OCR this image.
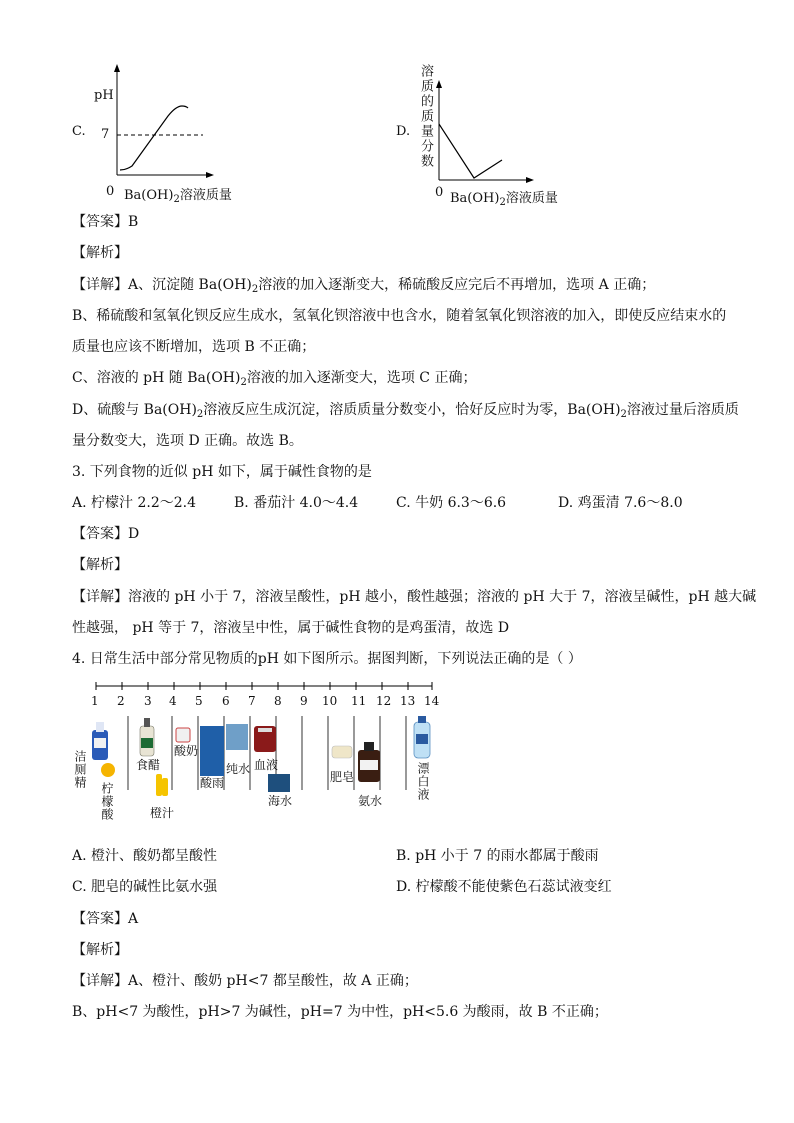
C.
pH
7
0 $Ba(OH)_2$溶液质量
D. 溶质的质量分数
0 $Ba(OH)_2$溶液质量
【答案】B
【解析】
【详解】A、沉淀随 $Ba(OH)_2$溶液的加入逐渐变大，稀硫酸反应完后不再增加，选项 A 正确；
B、稀硫酸和氢氧化钡反应生成水，氢氧化钡溶液中也含水，随着氢氧化钡溶液的加入，即使反应结束水的
质量也应该不断增加，选项 B 不正确；
C、溶液的 pH 随 $Ba(OH)_2$溶液的加入逐渐变大，选项 C 正确；
D、硫酸与 $Ba(OH)_2$溶液反应生成沉淀，溶质质量分数变小，恰好反应时为零，$Ba(OH)_2$溶液过量后溶质质
量分数变大，选项 D 正确。故选 B。
3. 下列食物的近似 pH 如下，属于碱性食物的是
A. 柠檬汁 2.2～2.4	B. 番茄汁 4.0～4.4	C. 牛奶 6.3～6.6	D. 鸡蛋清 7.6～8.0
【答案】D
【解析】
【详解】溶液的 pH 小于 7，溶液呈酸性，pH 越小，酸性越强；溶液的 pH 大于 7，溶液呈碱性，pH 越大碱
性越强， pH 等于 7，溶液呈中性，属于碱性食物的是鸡蛋清，故选 D
4. 日常生活中部分常见物质的pH 如下图所示。据图判断，下列说法正确的是（ ）
1 2 3 4 5 6 7 8 9 10 11 12 13 14
洁厕精
柠檬酸
食醋
橙汁
酸奶
酸雨
纯水 血液
海水
肥皂
氨水	漂白液
A. 橙汁、酸奶都呈酸性	B. pH 小于 7 的雨水都属于酸雨
C. 肥皂的碱性比氨水强	D. 柠檬酸不能使紫色石蕊试液变红
【答案】A
【解析】
【详解】A、橙汁、酸奶 pH<7 都呈酸性，故 A 正确；
B、pH<7 为酸性，pH>7 为碱性，pH=7 为中性，pH<5.6 为酸雨，故 B 不正确；
